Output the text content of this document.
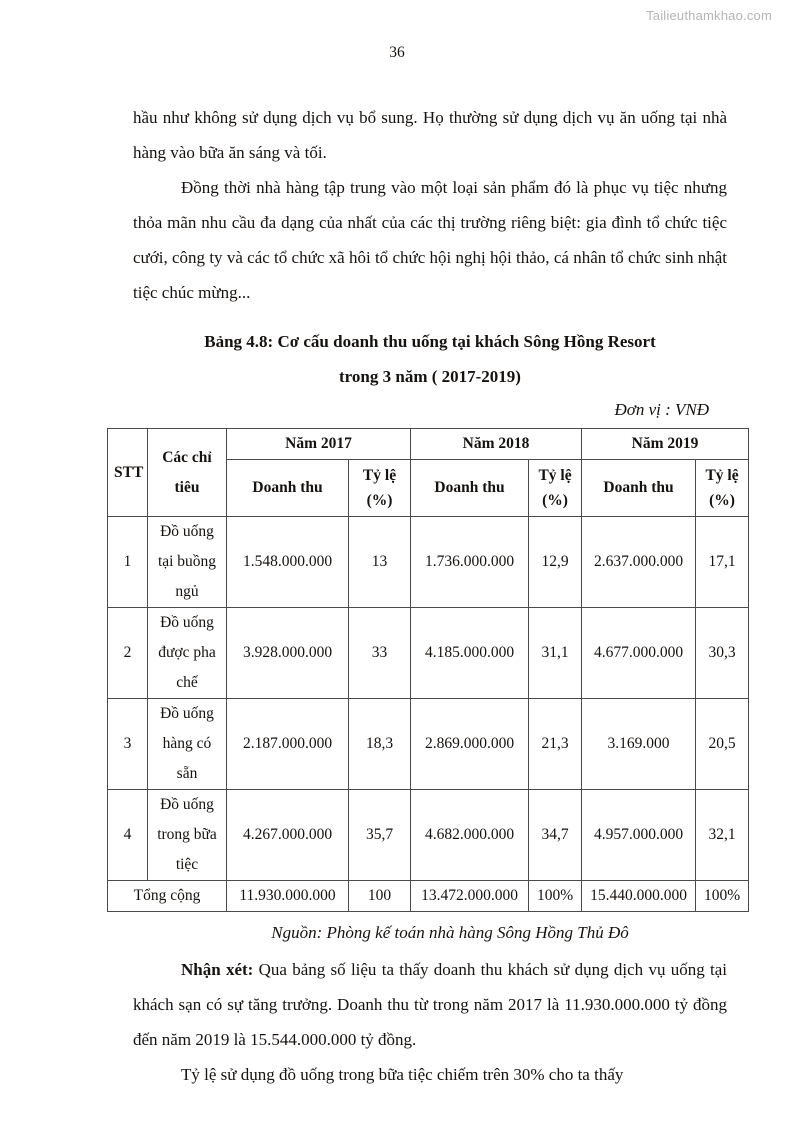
Tailieuthamkhao.com
36

hầu như không sử dụng dịch vụ bổ sung. Họ thường sử dụng dịch vụ ăn uống tại nhà hàng vào bữa ăn sáng và tối.

Đồng thời nhà hàng tập trung vào một loại sản phẩm đó là phục vụ tiệc nhưng thỏa mãn nhu cầu đa dạng của nhất của các thị trường riêng biệt: gia đình tổ chức tiệc cưới, công ty và các tổ chức xã hôi tổ chức hội nghị hội thảo, cá nhân tổ chức sinh nhật tiệc chúc mừng...

Bảng 4.8: Cơ cấu doanh thu uống tại khách Sông Hồng Resort
trong 3 năm ( 2017-2019)
Đơn vị : VNĐ
STT	Các chỉ tiêu	Năm 2017		Năm 2018		Năm 2019	
		Doanh thu	Tỷ lệ (%)	Doanh thu	Tỷ lệ (%)	Doanh thu	Tỷ lệ (%)
1	Đồ uống tại buồng ngủ	1.548.000.000	13	1.736.000.000	12,9	2.637.000.000	17,1
2	Đồ uống được pha chế	3.928.000.000	33	4.185.000.000	31,1	4.677.000.000	30,3
3	Đồ uống hàng có sẵn	2.187.000.000	18,3	2.869.000.000	21,3	3.169.000	20,5
4	Đồ uống trong bữa tiệc	4.267.000.000	35,7	4.682.000.000	34,7	4.957.000.000	32,1
Tổng cộng		11.930.000.000	100	13.472.000.000	100%	15.440.000.000	100%
Nguồn: Phòng kế toán nhà hàng Sông Hồng Thủ Đô

Nhận xét: Qua bảng số liệu ta thấy doanh thu khách sử dụng dịch vụ uống tại khách sạn có sự tăng trưởng. Doanh thu từ trong năm 2017 là 11.930.000.000 tỷ đồng đến năm 2019 là 15.544.000.000 tỷ đồng.

Tỷ lệ sử dụng đồ uống trong bữa tiệc chiếm trên 30% cho ta thấy
